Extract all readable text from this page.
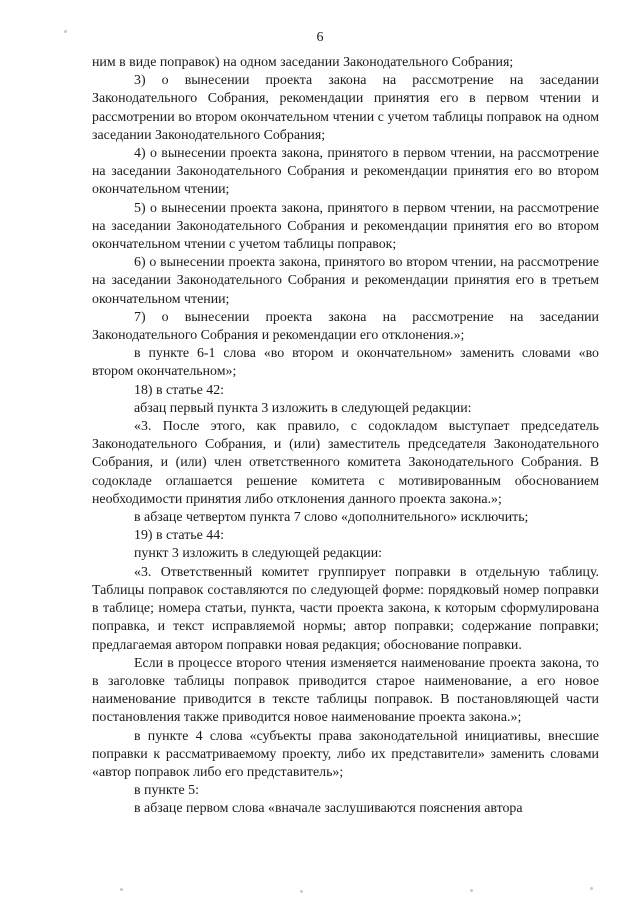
6

ним в виде поправок) на одном заседании Законодательного Собрания;

3) о вынесении проекта закона на рассмотрение на заседании Законодательного Собрания, рекомендации принятия его в первом чтении и рассмотрении во втором окончательном чтении с учетом таблицы поправок на одном заседании Законодательного Собрания;

4) о вынесении проекта закона, принятого в первом чтении, на рассмотрение на заседании Законодательного Собрания и рекомендации принятия его во втором окончательном чтении;

5) о вынесении проекта закона, принятого в первом чтении, на рассмотрение на заседании Законодательного Собрания и рекомендации принятия его во втором окончательном чтении с учетом таблицы поправок;

6) о вынесении проекта закона, принятого во втором чтении, на рассмотрение на заседании Законодательного Собрания и рекомендации принятия его в третьем окончательном чтении;

7) о вынесении проекта закона на рассмотрение на заседании Законодательного Собрания и рекомендации его отклонения.»;

в пункте 6-1 слова «во втором и окончательном» заменить словами «во втором окончательном»;

18) в статье 42:

абзац первый пункта 3 изложить в следующей редакции:

«3. После этого, как правило, с содокладом выступает председатель Законодательного Собрания, и (или) заместитель председателя Законодательного Собрания, и (или) член ответственного комитета Законодательного Собрания. В содокладе оглашается решение комитета с мотивированным обоснованием необходимости принятия либо отклонения данного проекта закона.»;

в абзаце четвертом пункта 7 слово «дополнительного» исключить;

19) в статье 44:

пункт 3 изложить в следующей редакции:

«3. Ответственный комитет группирует поправки в отдельную таблицу. Таблицы поправок составляются по следующей форме: порядковый номер поправки в таблице; номера статьи, пункта, части проекта закона, к которым сформулирована поправка, и текст исправляемой нормы; автор поправки; содержание поправки; предлагаемая автором поправки новая редакция; обоснование поправки.

Если в процессе второго чтения изменяется наименование проекта закона, то в заголовке таблицы поправок приводится старое наименование, а его новое наименование приводится в тексте таблицы поправок. В постановляющей части постановления также приводится новое наименование проекта закона.»;

в пункте 4 слова «субъекты права законодательной инициативы, внесшие поправки к рассматриваемому проекту, либо их представители» заменить словами «автор поправок либо его представитель»;

в пункте 5:

в абзаце первом слова «вначале заслушиваются пояснения автора
